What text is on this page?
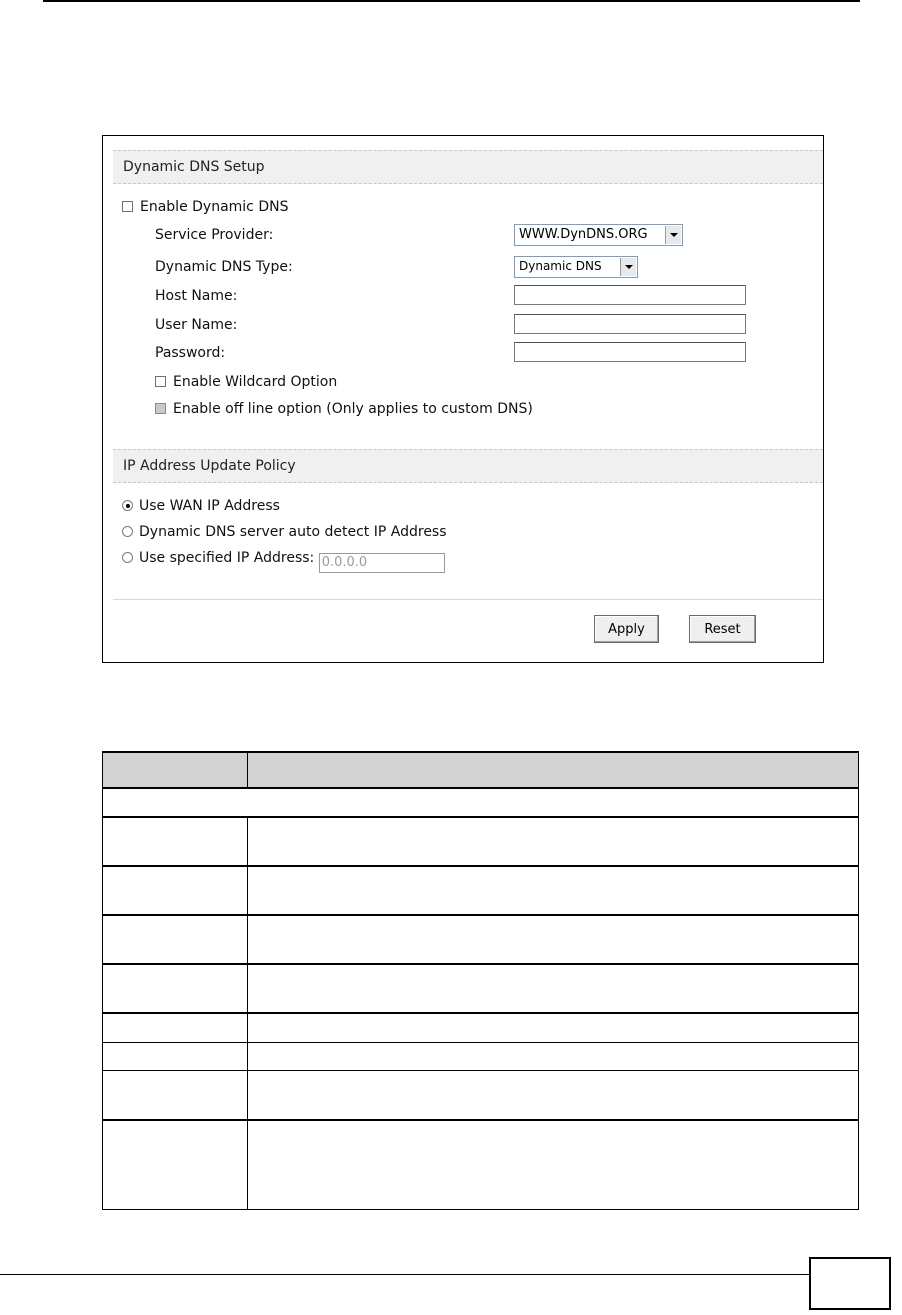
Dynamic DNS Setup
Enable Dynamic DNS
Service Provider:	WWW.DynDNS.ORG
Dynamic DNS Type:	Dynamic DNS
Host Name:
User Name:
Password:
Enable Wildcard Option
Enable off line option (Only applies to custom DNS)
IP Address Update Policy
Use WAN IP Address
Dynamic DNS server auto detect IP Address
Use specified IP Address: 0.0.0.0
Apply	Reset
